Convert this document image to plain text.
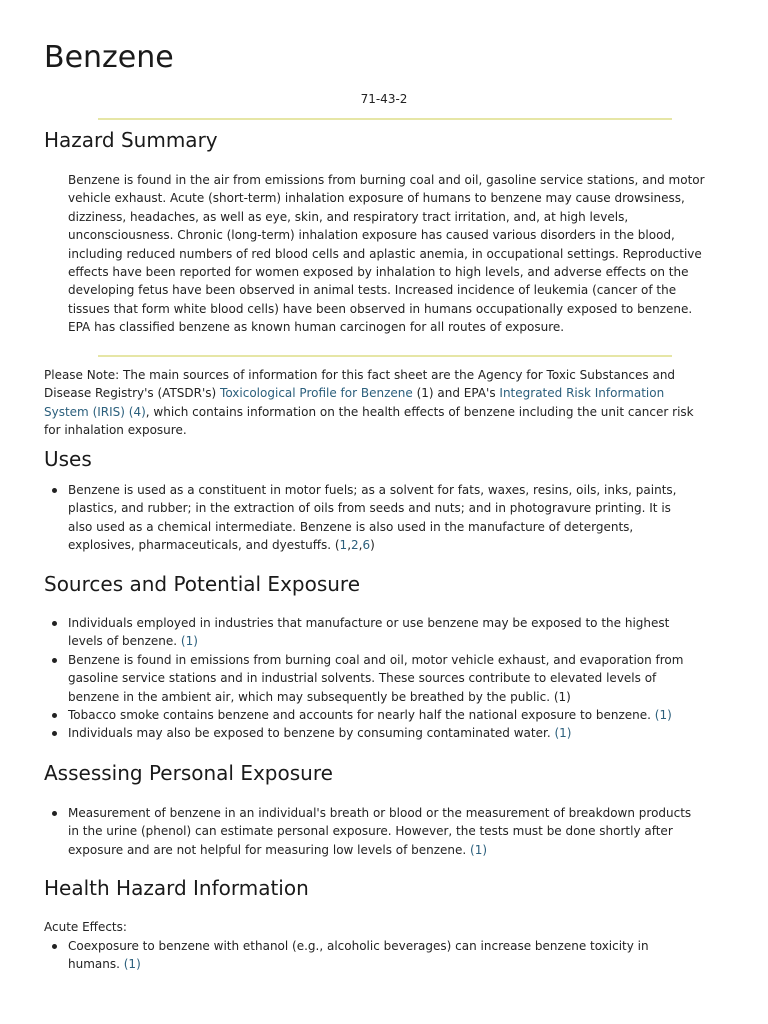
Benzene
71-43-2
Hazard Summary
Benzene is found in the air from emissions from burning coal and oil, gasoline service stations, and motor vehicle exhaust. Acute (short-term) inhalation exposure of humans to benzene may cause drowsiness, dizziness, headaches, as well as eye, skin, and respiratory tract irritation, and, at high levels, unconsciousness. Chronic (long-term) inhalation exposure has caused various disorders in the blood, including reduced numbers of red blood cells and aplastic anemia, in occupational settings. Reproductive effects have been reported for women exposed by inhalation to high levels, and adverse effects on the developing fetus have been observed in animal tests. Increased incidence of leukemia (cancer of the tissues that form white blood cells) have been observed in humans occupationally exposed to benzene. EPA has classified benzene as known human carcinogen for all routes of exposure.
Please Note: The main sources of information for this fact sheet are the Agency for Toxic Substances and Disease Registry's (ATSDR's) Toxicological Profile for Benzene (1) and EPA's Integrated Risk Information System (IRIS) (4), which contains information on the health effects of benzene including the unit cancer risk for inhalation exposure.
Uses
Benzene is used as a constituent in motor fuels; as a solvent for fats, waxes, resins, oils, inks, paints, plastics, and rubber; in the extraction of oils from seeds and nuts; and in photogravure printing. It is also used as a chemical intermediate. Benzene is also used in the manufacture of detergents, explosives, pharmaceuticals, and dyestuffs. (1,2,6)
Sources and Potential Exposure
Individuals employed in industries that manufacture or use benzene may be exposed to the highest levels of benzene. (1)
Benzene is found in emissions from burning coal and oil, motor vehicle exhaust, and evaporation from gasoline service stations and in industrial solvents. These sources contribute to elevated levels of benzene in the ambient air, which may subsequently be breathed by the public. (1)
Tobacco smoke contains benzene and accounts for nearly half the national exposure to benzene. (1)
Individuals may also be exposed to benzene by consuming contaminated water. (1)
Assessing Personal Exposure
Measurement of benzene in an individual's breath or blood or the measurement of breakdown products in the urine (phenol) can estimate personal exposure. However, the tests must be done shortly after exposure and are not helpful for measuring low levels of benzene. (1)
Health Hazard Information
Acute Effects:
Coexposure to benzene with ethanol (e.g., alcoholic beverages) can increase benzene toxicity in humans. (1)
